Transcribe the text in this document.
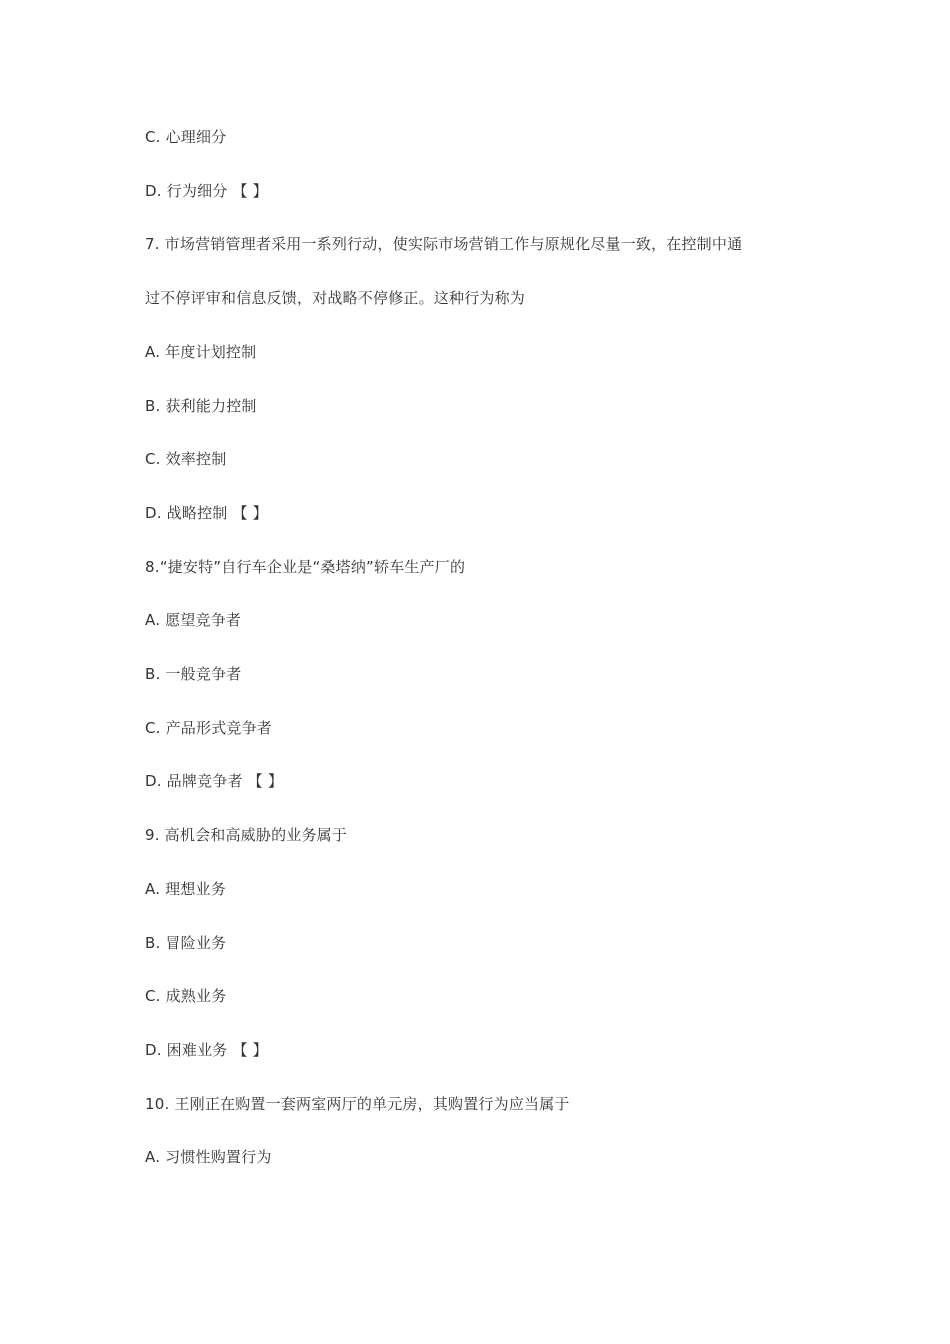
C. 心理细分
D. 行为细分 【 】
7. 市场营销管理者采用一系列行动，使实际市场营销工作与原规化尽量一致，在控制中通
过不停评审和信息反馈，对战略不停修正。这种行为称为
A. 年度计划控制
B. 获利能力控制
C. 效率控制
D. 战略控制 【 】
8.“捷安特”自行车企业是“桑塔纳”轿车生产厂的
A. 愿望竞争者
B. 一般竞争者
C. 产品形式竞争者
D. 品牌竞争者 【 】
9. 高机会和高威胁的业务属于
A. 理想业务
B. 冒险业务
C. 成熟业务
D. 困难业务 【 】
10. 王刚正在购置一套两室两厅的单元房，其购置行为应当属于
A. 习惯性购置行为
